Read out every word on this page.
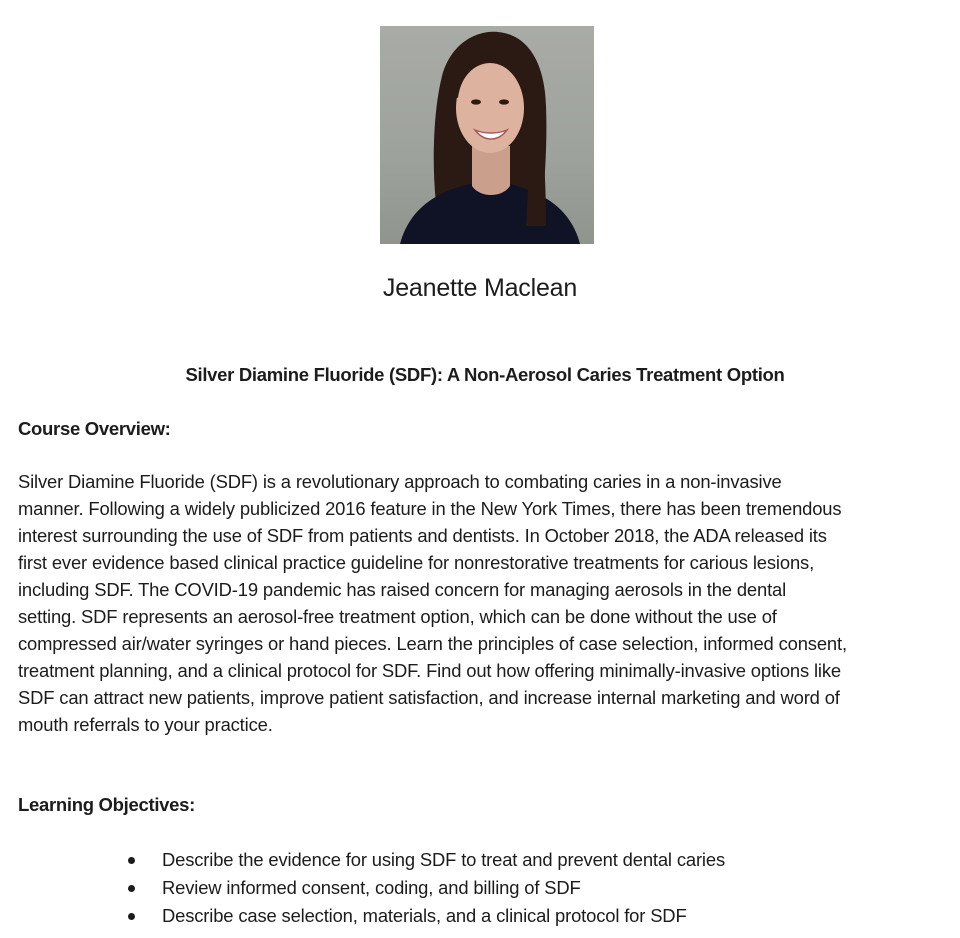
Jeanette Maclean
Silver Diamine Fluoride (SDF): A Non-Aerosol Caries Treatment Option
Course Overview:

Silver Diamine Fluoride (SDF) is a revolutionary approach to combating caries in a non-invasive
manner. Following a widely publicized 2016 feature in the New York Times, there has been tremendous
interest surrounding the use of SDF from patients and dentists. In October 2018, the ADA released its
first ever evidence based clinical practice guideline for nonrestorative treatments for carious lesions,
including SDF. The COVID-19 pandemic has raised concern for managing aerosols in the dental
setting. SDF represents an aerosol-free treatment option, which can be done without the use of
compressed air/water syringes or hand pieces. Learn the principles of case selection, informed consent,
treatment planning, and a clinical protocol for SDF. Find out how offering minimally-invasive options like
SDF can attract new patients, improve patient satisfaction, and increase internal marketing and word of
mouth referrals to your practice.

Learning Objectives:
Describe the evidence for using SDF to treat and prevent dental caries
Review informed consent, coding, and billing of SDF
Describe case selection, materials, and a clinical protocol for SDF
